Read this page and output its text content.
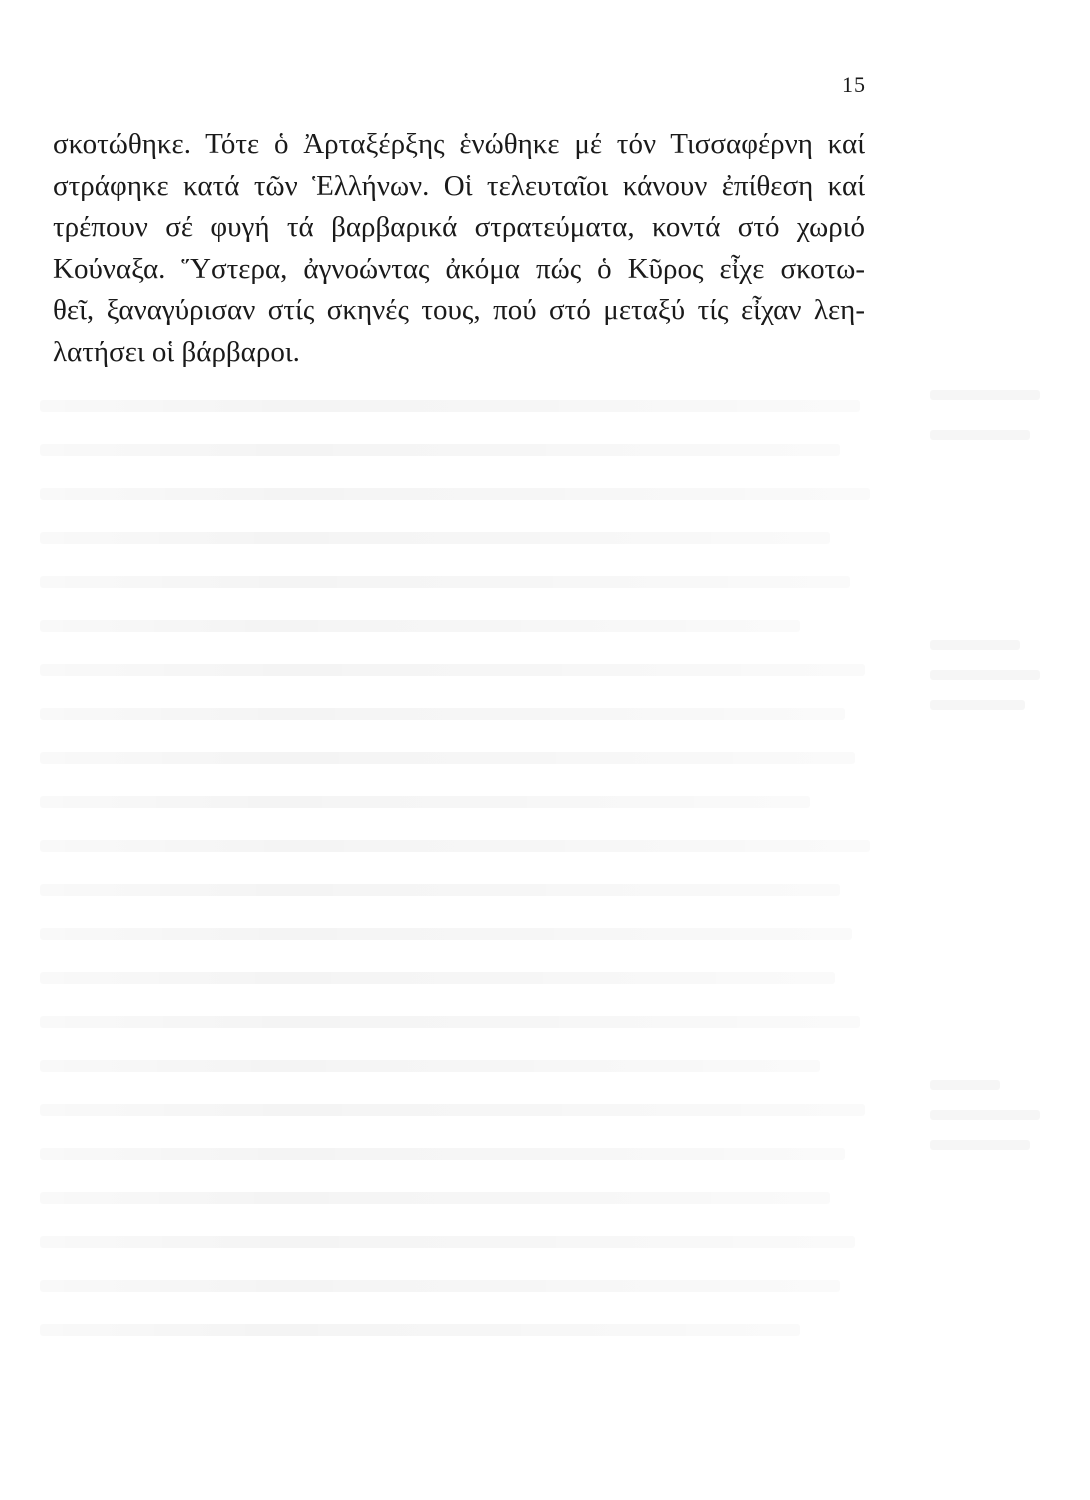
15

σκοτώθηκε. Τότε ὁ Ἀρταξέρξης ἑνώθηκε μέ τόν Τισσαφέρνη καί
στράφηκε κατά τῶν Ἑλλήνων. Οἱ τελευταῖοι κάνουν ἐπίθεση καί
τρέπουν σέ φυγή τά βαρβαρικά στρατεύματα, κοντά στό χωριό
Κούναξα. Ὕστερα, ἀγνοώντας ἀκόμα πώς ὁ Κῦρος εἶχε σκοτω-
θεῖ, ξαναγύρισαν στίς σκηνές τους, πού στό μεταξύ τίς εἶχαν λεη-
λατήσει οἱ βάρβαροι.
